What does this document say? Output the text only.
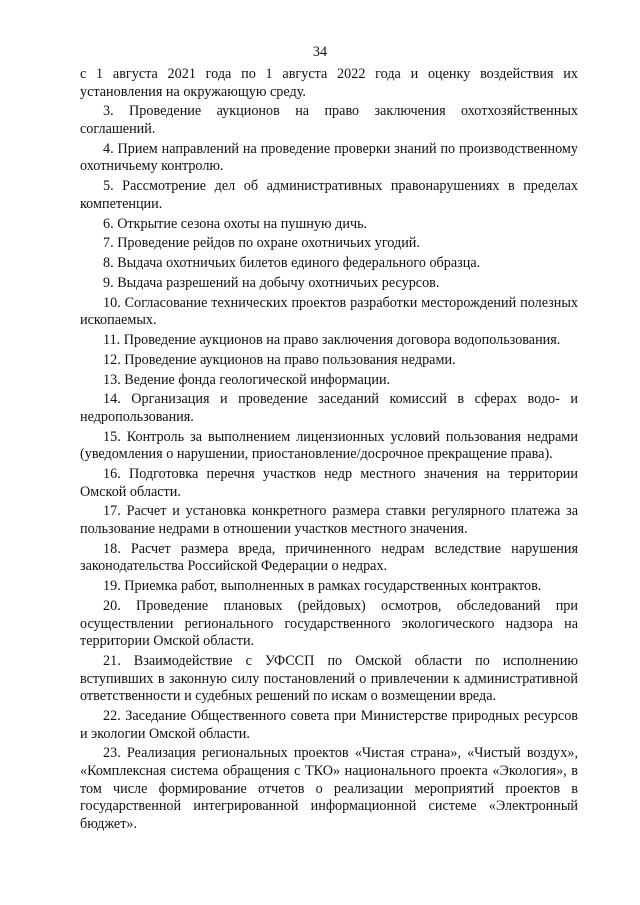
34

с 1 августа 2021 года по 1 августа 2022 года и оценку воздействия их установления на окружающую среду.

3. Проведение аукционов на право заключения охотхозяйственных соглашений.

4. Прием направлений на проведение проверки знаний по производственному охотничьему контролю.

5. Рассмотрение дел об административных правонарушениях в пределах компетенции.

6. Открытие сезона охоты на пушную дичь.

7. Проведение рейдов по охране охотничьих угодий.

8. Выдача охотничьих билетов единого федерального образца.

9. Выдача разрешений на добычу охотничьих ресурсов.

10. Согласование технических проектов разработки месторождений полезных ископаемых.

11. Проведение аукционов на право заключения договора водопользования.

12. Проведение аукционов на право пользования недрами.

13. Ведение фонда геологической информации.

14. Организация и проведение заседаний комиссий в сферах водо- и недропользования.

15. Контроль за выполнением лицензионных условий пользования недрами (уведомления о нарушении, приостановление/досрочное прекращение права).

16. Подготовка перечня участков недр местного значения на территории Омской области.

17. Расчет и установка конкретного размера ставки регулярного платежа за пользование недрами в отношении участков местного значения.

18. Расчет размера вреда, причиненного недрам вследствие нарушения законодательства Российской Федерации о недрах.

19. Приемка работ, выполненных в рамках государственных контрактов.

20. Проведение плановых (рейдовых) осмотров, обследований при осуществлении регионального государственного экологического надзора на территории Омской области.

21. Взаимодействие с УФССП по Омской области по исполнению вступивших в законную силу постановлений о привлечении к административной ответственности и судебных решений по искам о возмещении вреда.

22. Заседание Общественного совета при Министерстве природных ресурсов и экологии Омской области.

23. Реализация региональных проектов «Чистая страна», «Чистый воздух», «Комплексная система обращения с ТКО» национального проекта «Экология», в том числе формирование отчетов о реализации мероприятий проектов в государственной интегрированной информационной системе «Электронный бюджет».
